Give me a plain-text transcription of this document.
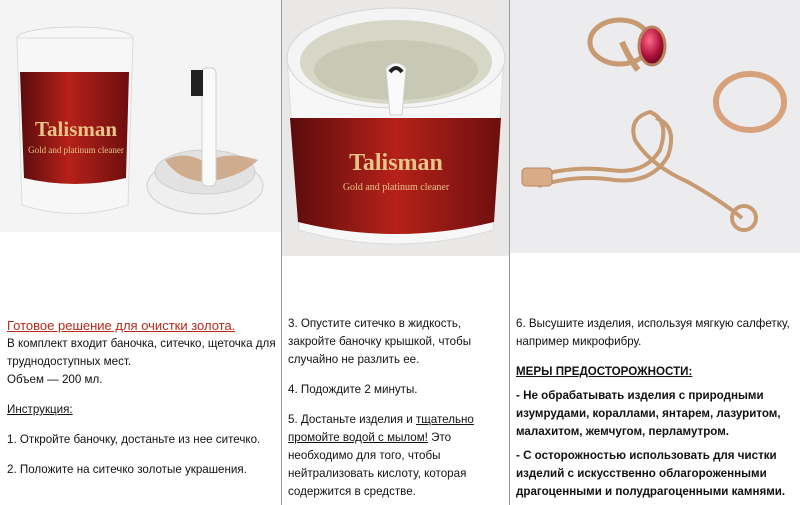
Talisman
Gold and platinum cleaner
Готовое решение для очистки золота.
В комплект входит баночка, ситечко, щеточка для труднодоступных мест.
Объем — 200 мл.
Инструкция:
1. Откройте баночку, достаньте из нее ситечко.
2. Положите на ситечко золотые украшения.
Talisman
Gold and platinum cleaner
3. Опустите ситечко в жидкость, закройте баночку крышкой, чтобы случайно не разлить ее.
4. Подождите 2 минуты.
5. Достаньте изделия и тщательно промойте водой с мылом! Это необходимо для того, чтобы нейтрализовать кислоту, которая содержится в средстве.
6. Высушите изделия, используя мягкую салфетку, например микрофибру.
МЕРЫ ПРЕДОСТОРОЖНОСТИ:
- Не обрабатывать изделия с природными изумрудами, кораллами, янтарем, лазуритом, малахитом, жемчугом, перламутром.
- С осторожностью использовать для чистки изделий с искусственно облагороженными драгоценными и полудрагоценными камнями.
